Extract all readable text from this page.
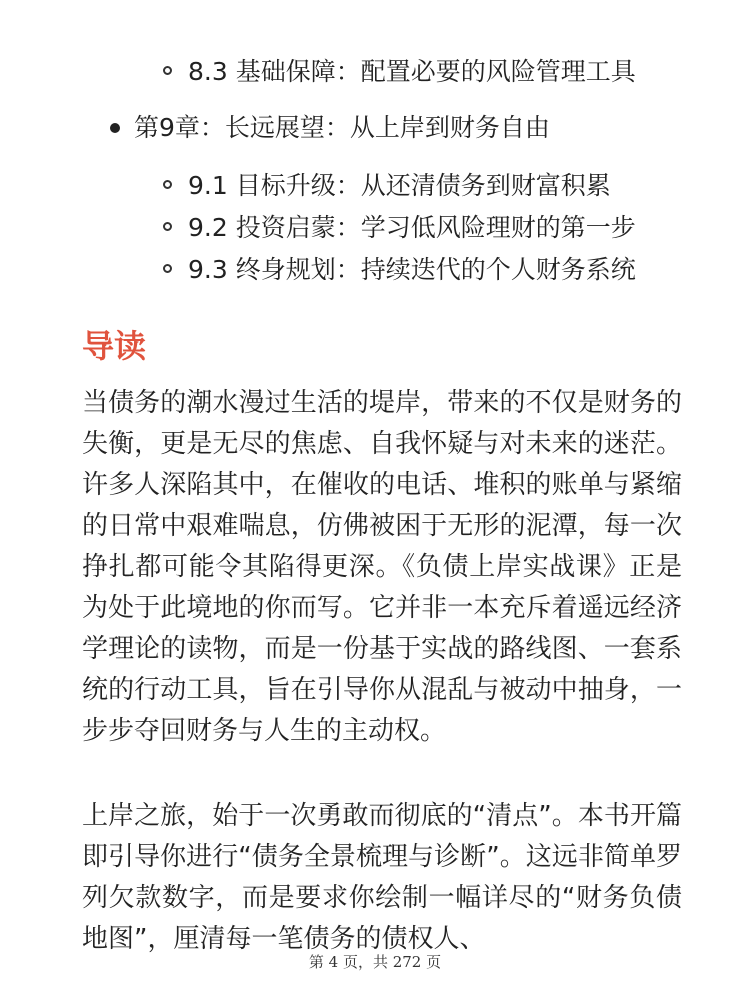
8.3 基础保障：配置必要的风险管理工具
第9章：长远展望：从上岸到财务自由
9.1 目标升级：从还清债务到财富积累
9.2 投资启蒙：学习低风险理财的第一步
9.3 终身规划：持续迭代的个人财务系统
导读

当债务的潮水漫过生活的堤岸，带来的不仅是财务的失衡，更是无尽的焦虑、自我怀疑与对未来的迷茫。许多人深陷其中，在催收的电话、堆积的账单与紧缩的日常中艰难喘息，仿佛被困于无形的泥潭，每一次挣扎都可能令其陷得更深。《负债上岸实战课》正是为处于此境地的你而写。它并非一本充斥着遥远经济学理论的读物，而是一份基于实战的路线图、一套系统的行动工具，旨在引导你从混乱与被动中抽身，一步步夺回财务与人生的主动权。

上岸之旅，始于一次勇敢而彻底的“清点”。本书开篇即引导你进行“债务全景梳理与诊断”。这远非简单罗列欠款数字，而是要求你绘制一幅详尽的“财务负债地图”，厘清每一笔债务的债权人、

第 4 页，共 272 页
